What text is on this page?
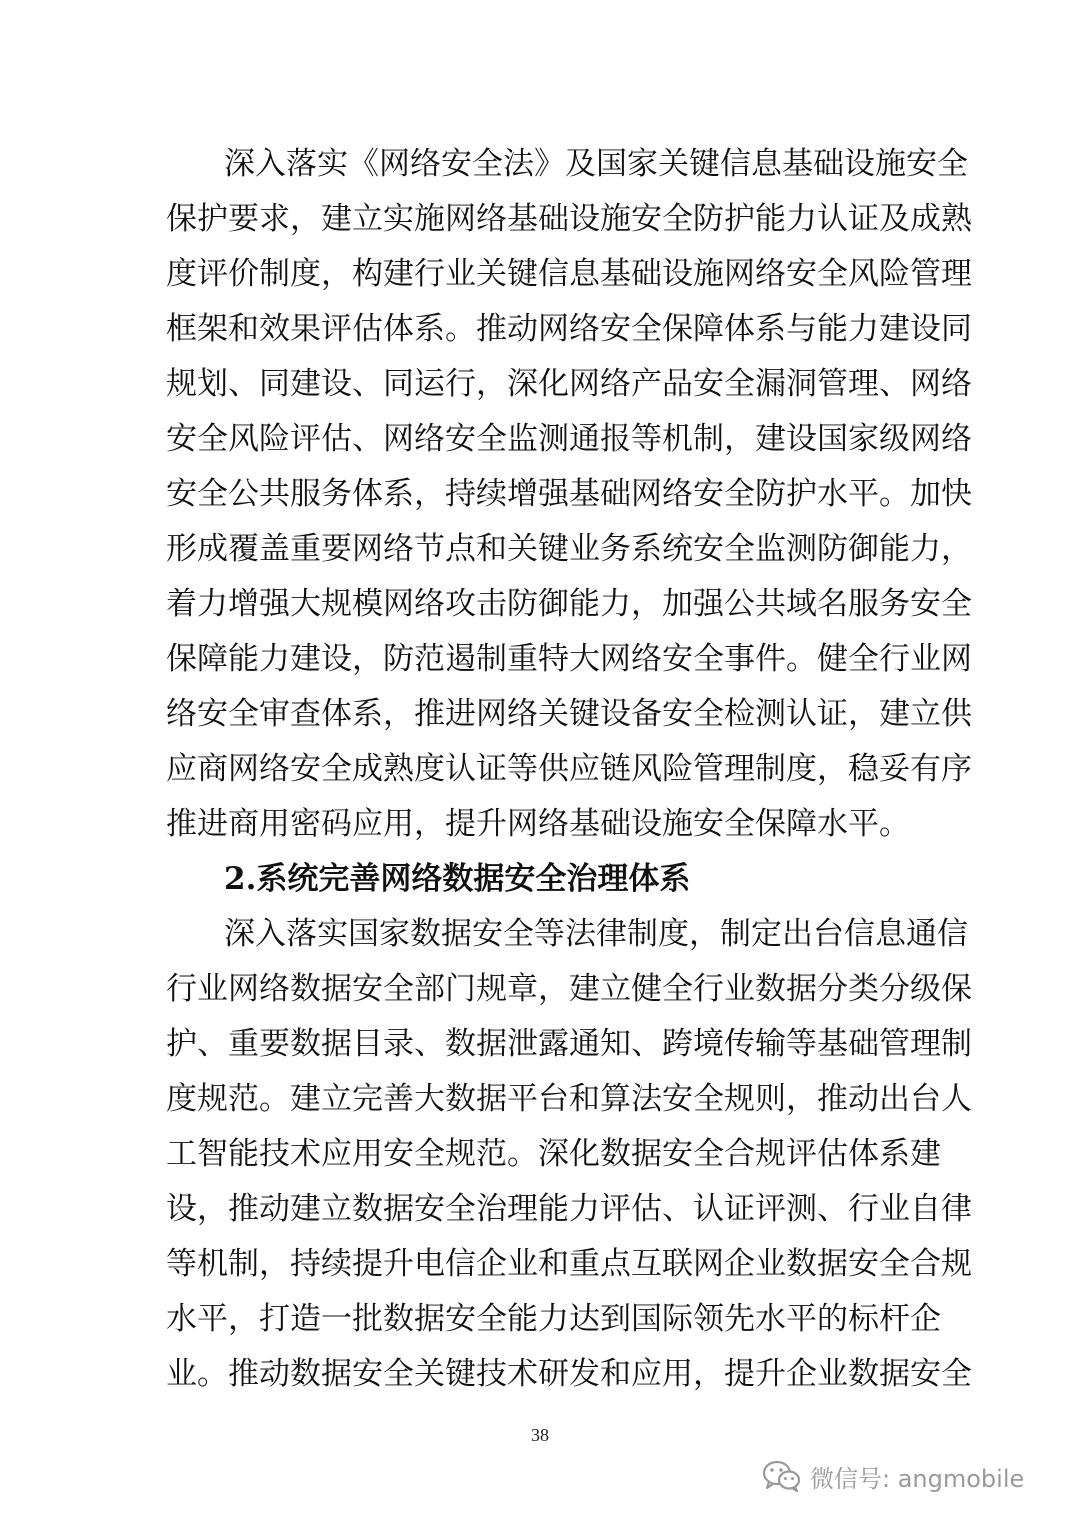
深入落实《网络安全法》及国家关键信息基础设施安全
保护要求，建立实施网络基础设施安全防护能力认证及成熟
度评价制度，构建行业关键信息基础设施网络安全风险管理
框架和效果评估体系。推动网络安全保障体系与能力建设同
规划、同建设、同运行，深化网络产品安全漏洞管理、网络
安全风险评估、网络安全监测通报等机制，建设国家级网络
安全公共服务体系，持续增强基础网络安全防护水平。加快
形成覆盖重要网络节点和关键业务系统安全监测防御能力，
着力增强大规模网络攻击防御能力，加强公共域名服务安全
保障能力建设，防范遏制重特大网络安全事件。健全行业网
络安全审查体系，推进网络关键设备安全检测认证，建立供
应商网络安全成熟度认证等供应链风险管理制度，稳妥有序
推进商用密码应用，提升网络基础设施安全保障水平。
2.系统完善网络数据安全治理体系
深入落实国家数据安全等法律制度，制定出台信息通信
行业网络数据安全部门规章，建立健全行业数据分类分级保
护、重要数据目录、数据泄露通知、跨境传输等基础管理制
度规范。建立完善大数据平台和算法安全规则，推动出台人
工智能技术应用安全规范。深化数据安全合规评估体系建
设，推动建立数据安全治理能力评估、认证评测、行业自律
等机制，持续提升电信企业和重点互联网企业数据安全合规
水平，打造一批数据安全能力达到国际领先水平的标杆企
业。推动数据安全关键技术研发和应用，提升企业数据安全
38
微信号: angmobile
